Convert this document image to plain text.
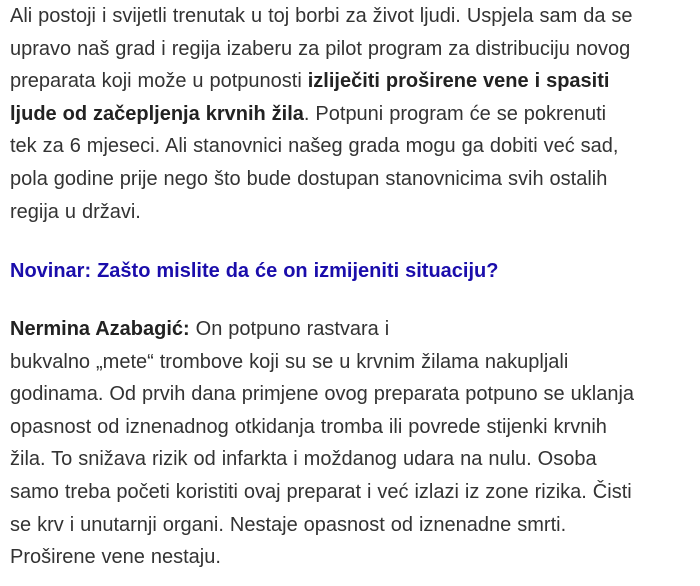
Ali postoji i svijetli trenutak u toj borbi za život ljudi. Uspjela sam da se
upravo naš grad i regija izaberu za pilot program za distribuciju novog
preparata koji može u potpunosti izliječiti proširene vene i spasiti
ljude od začepljenja krvnih žila. Potpuni program će se pokrenuti
tek za 6 mjeseci. Ali stanovnici našeg grada mogu ga dobiti već sad,
pola godine prije nego što bude dostupan stanovnicima svih ostalih
regija u državi.

Novinar: Zašto mislite da će on izmijeniti situaciju?

Nermina Azabagić: On potpuno rastvara i
bukvalno „mete“ trombove koji su se u krvnim žilama nakupljali
godinama. Od prvih dana primjene ovog preparata potpuno se uklanja
opasnost od iznenadnog otkidanja tromba ili povrede stijenki krvnih
žila. To snižava rizik od infarkta i moždanog udara na nulu. Osoba
samo treba početi koristiti ovaj preparat i već izlazi iz zone rizika. Čisti
se krv i unutarnji organi. Nestaje opasnost od iznenadne smrti.
Proširene vene nestaju.
